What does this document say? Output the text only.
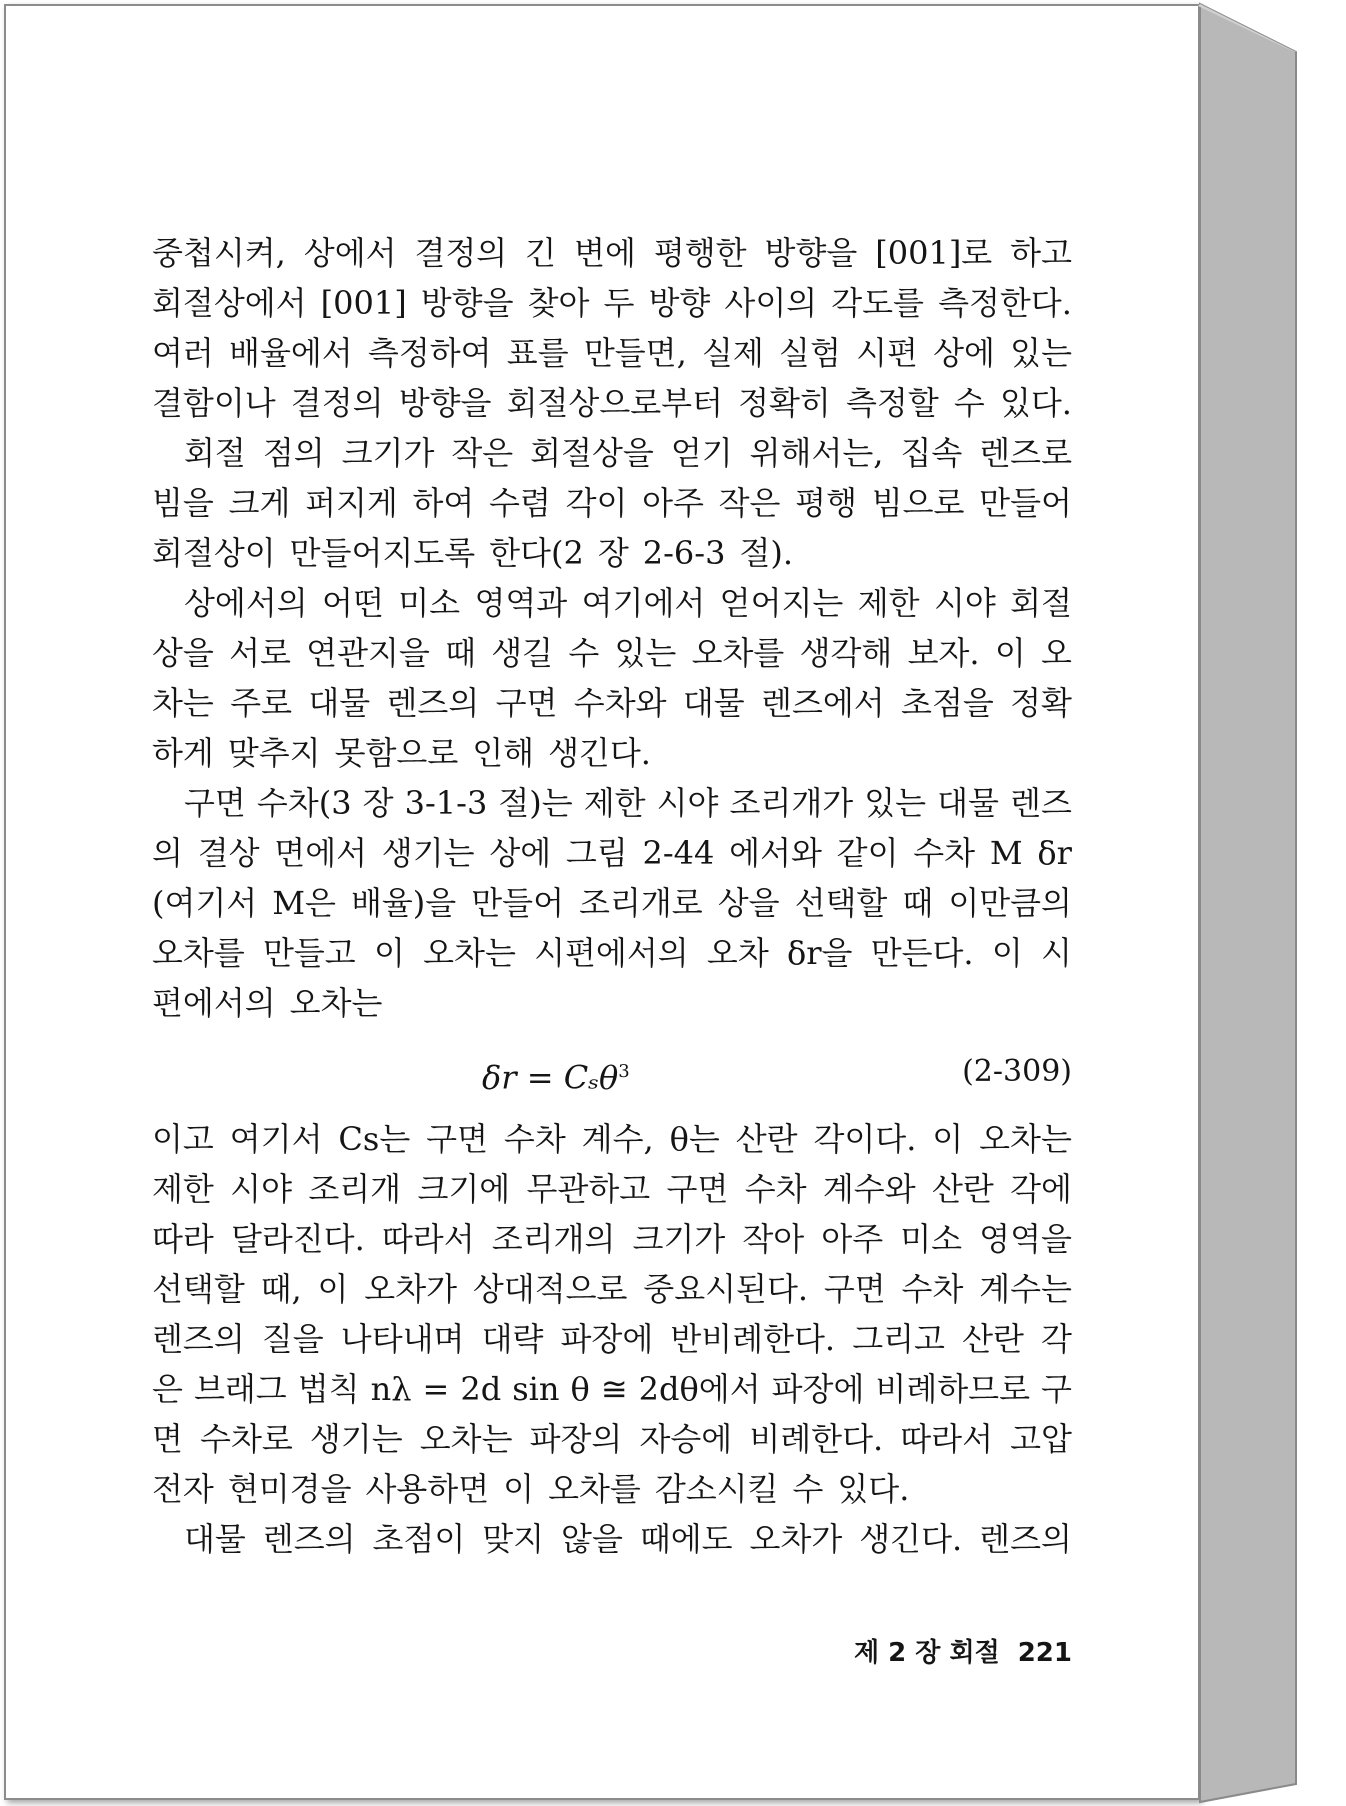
중첩시켜, 상에서 결정의 긴 변에 평행한 방향을 [001]로 하고
회절상에서 [001] 방향을 찾아 두 방향 사이의 각도를 측정한다.
여러 배율에서 측정하여 표를 만들면, 실제 실험 시편 상에 있는
결함이나 결정의 방향을 회절상으로부터 정확히 측정할 수 있다.
회절 점의 크기가 작은 회절상을 얻기 위해서는, 집속 렌즈로
빔을 크게 퍼지게 하여 수렴 각이 아주 작은 평행 빔으로 만들어
회절상이 만들어지도록 한다(2 장 2-6-3 절).
상에서의 어떤 미소 영역과 여기에서 얻어지는 제한 시야 회절
상을 서로 연관지을 때 생길 수 있는 오차를 생각해 보자. 이 오
차는 주로 대물 렌즈의 구면 수차와 대물 렌즈에서 초점을 정확
하게 맞추지 못함으로 인해 생긴다.
구면 수차(3 장 3-1-3 절)는 제한 시야 조리개가 있는 대물 렌즈
의 결상 면에서 생기는 상에 그림 2-44 에서와 같이 수차 M δr
(여기서 M은 배율)을 만들어 조리개로 상을 선택할 때 이만큼의
오차를 만들고 이 오차는 시편에서의 오차 δr을 만든다. 이 시
편에서의 오차는
δr = Cₛθ$^3$	(2-309)
이고 여기서 Cs는 구면 수차 계수, θ는 산란 각이다. 이 오차는
제한 시야 조리개 크기에 무관하고 구면 수차 계수와 산란 각에
따라 달라진다. 따라서 조리개의 크기가 작아 아주 미소 영역을
선택할 때, 이 오차가 상대적으로 중요시된다. 구면 수차 계수는
렌즈의 질을 나타내며 대략 파장에 반비례한다. 그리고 산란 각
은 브래그 법칙 nλ = 2d sin θ ≅ 2dθ에서 파장에 비례하므로 구
면 수차로 생기는 오차는 파장의 자승에 비례한다. 따라서 고압
전자 현미경을 사용하면 이 오차를 감소시킬 수 있다.
대물 렌즈의 초점이 맞지 않을 때에도 오차가 생긴다. 렌즈의
제 2 장 회절 221
